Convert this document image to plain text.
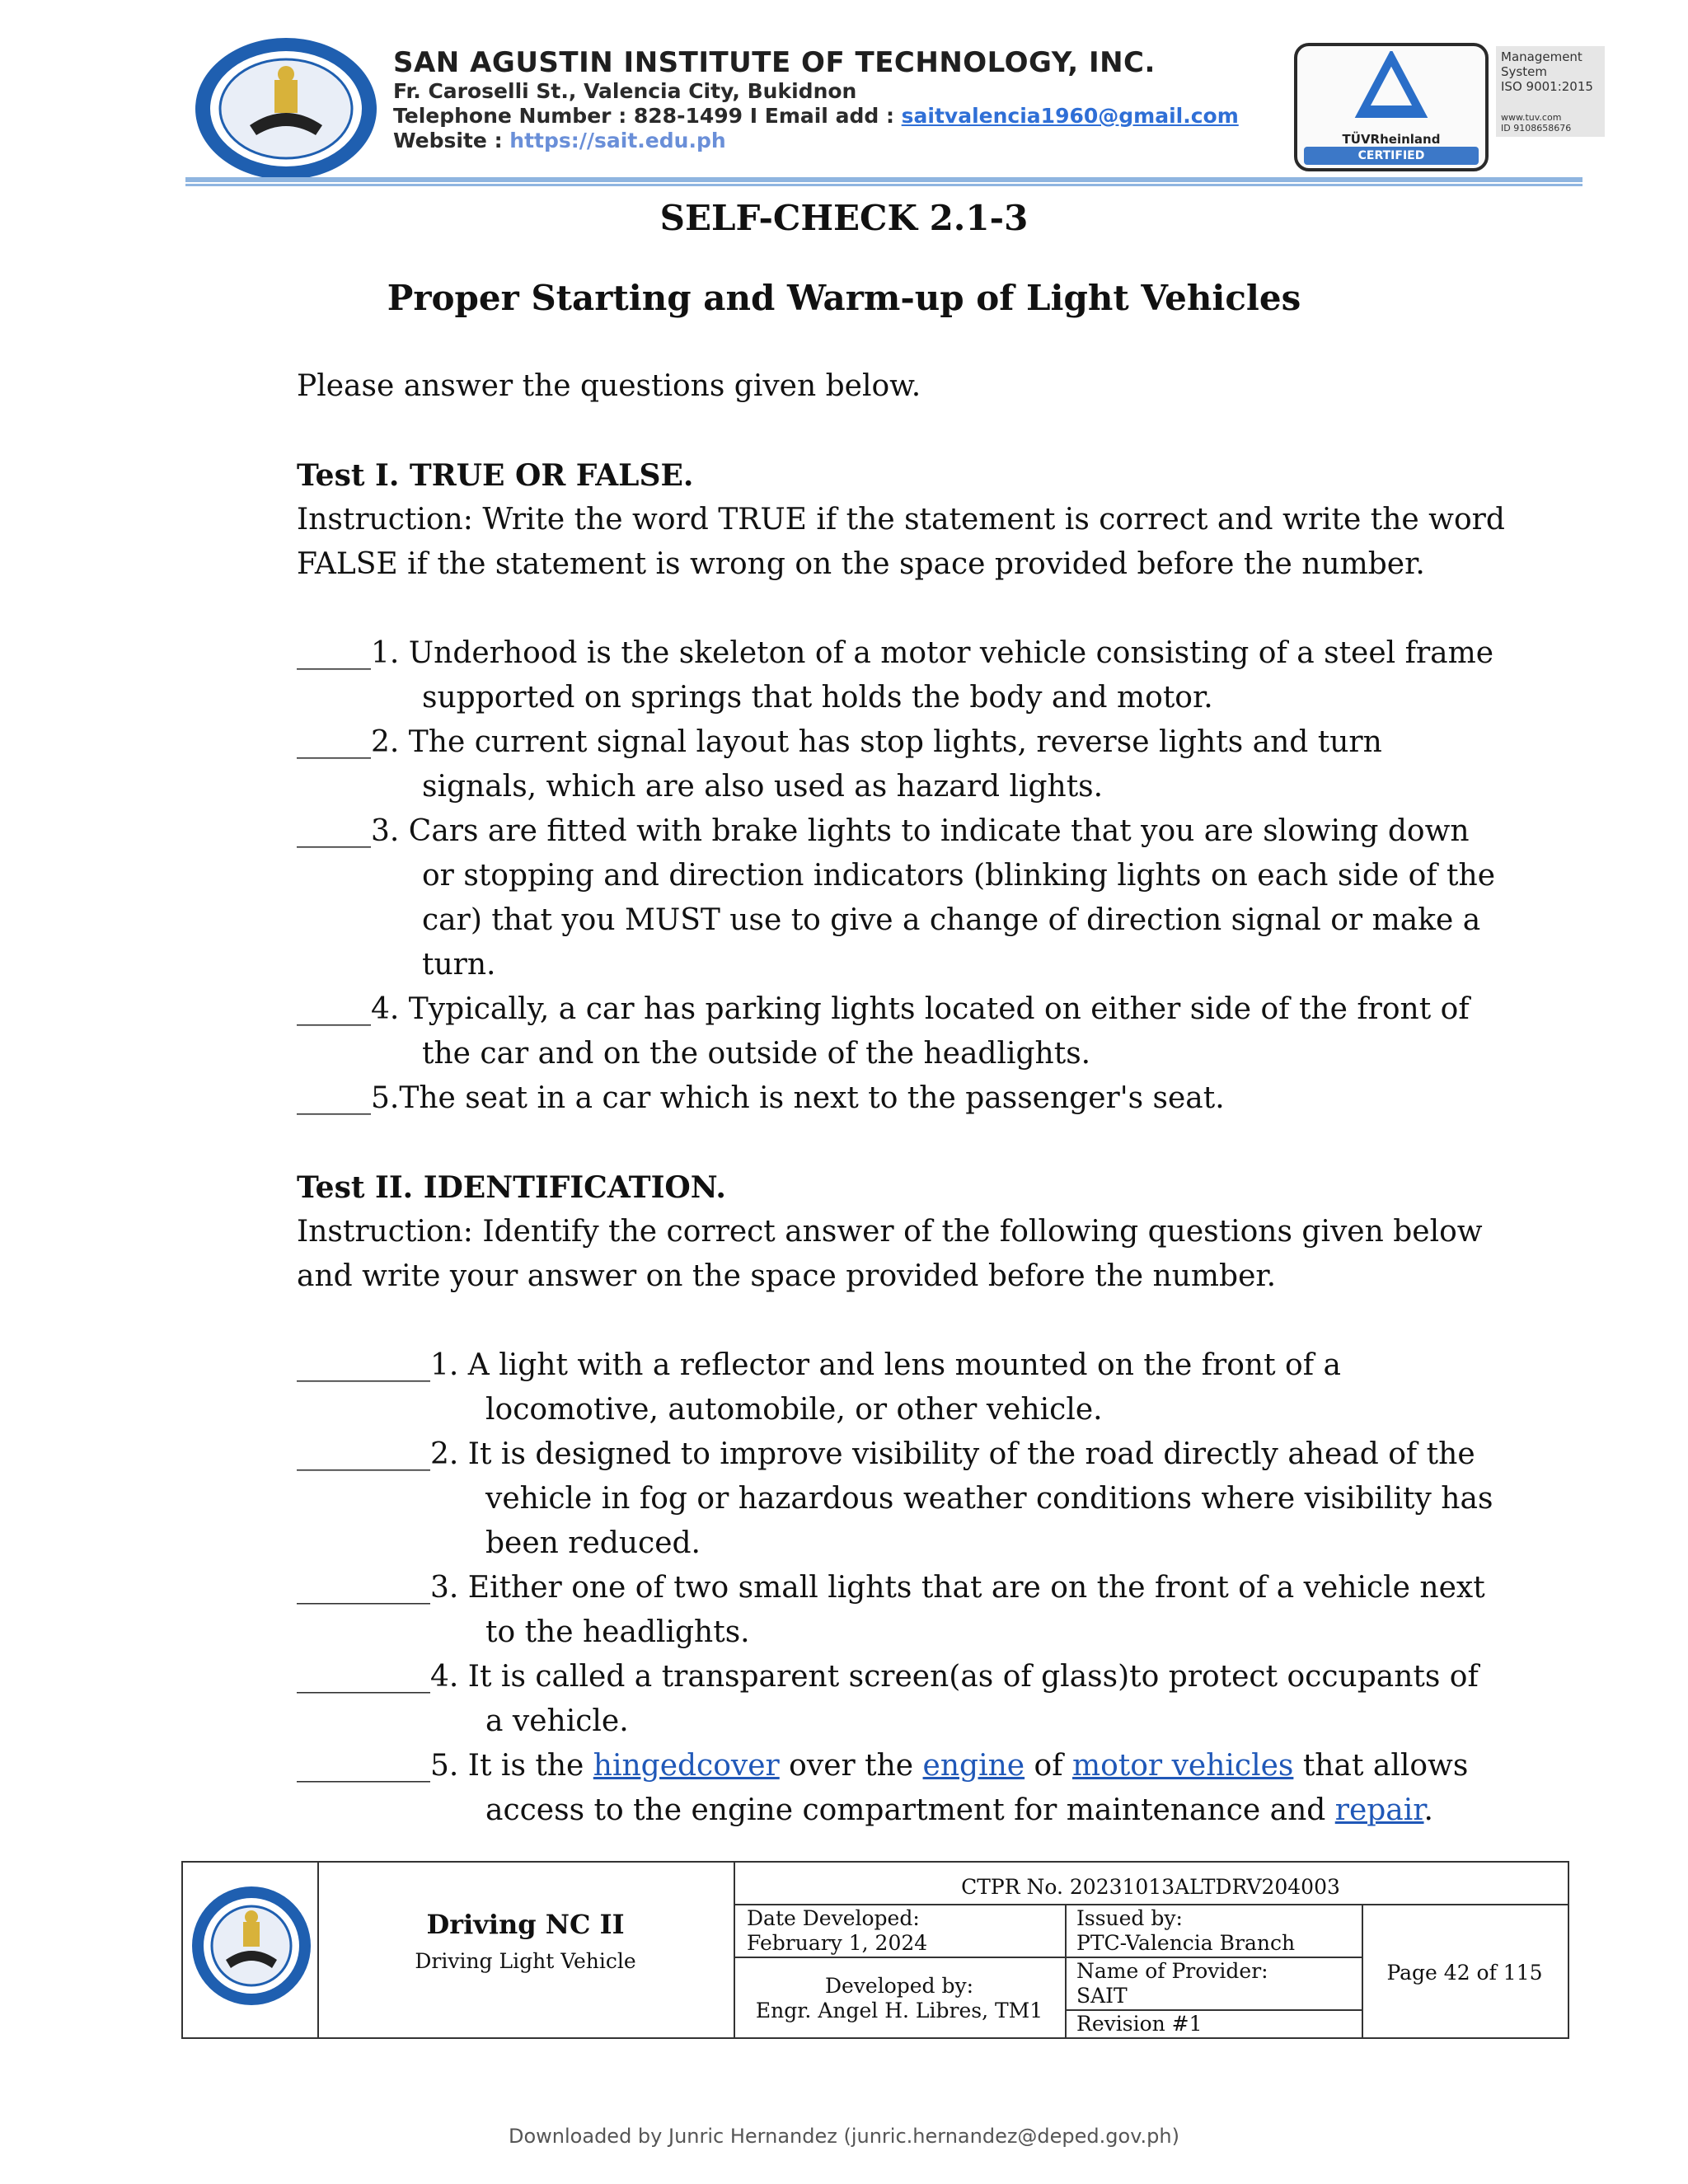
SAN AGUSTIN INSTITUTE OF TECHNOLOGY, INC.
Fr. Caroselli St., Valencia City, Bukidnon
Telephone Number : 828-1499 I Email add : saitvalencia1960@gmail.com
Website : https://sait.edu.ph	TÜVRheinland
CERTIFIED
Management
System
ISO 9001:2015
www.tuv.com
ID 9108658676
SELF-CHECK 2.1-3
Proper Starting and Warm-up of Light Vehicles
Please answer the questions given below.
Test I. TRUE OR FALSE.
Instruction: Write the word TRUE if the statement is correct and write the word
FALSE if the statement is wrong on the space provided before the number.
_____1. Underhood is the skeleton of a motor vehicle consisting of a steel frame
supported on springs that holds the body and motor.
_____2. The current signal layout has stop lights, reverse lights and turn
signals, which are also used as hazard lights.
_____3. Cars are fitted with brake lights to indicate that you are slowing down
or stopping and direction indicators (blinking lights on each side of the
car) that you MUST use to give a change of direction signal or make a
turn.
_____4. Typically, a car has parking lights located on either side of the front of
the car and on the outside of the headlights.
_____5.The seat in a car which is next to the passenger's seat.
Test II. IDENTIFICATION.
Instruction: Identify the correct answer of the following questions given below
and write your answer on the space provided before the number.
_________1. A light with a reflector and lens mounted on the front of a
locomotive, automobile, or other vehicle.
_________2. It is designed to improve visibility of the road directly ahead of the
vehicle in fog or hazardous weather conditions where visibility has
been reduced.
_________3. Either one of two small lights that are on the front of a vehicle next
to the headlights.
_________4. It is called a transparent screen(as of glass)to protect occupants of
a vehicle.
_________5. It is the hingedcover over the engine of motor vehicles that allows
access to the engine compartment for maintenance and repair.
Driving NC II
Driving Light Vehicle
CTPR No. 20231013ALTDRV204003
Date Developed:
February 1, 2024
Developed by:
Engr. Angel H. Libres, TM1
Issued by:
PTC-Valencia Branch
Name of Provider:
SAIT
Revision #1
Page 42 of 115
Downloaded by Junric Hernandez (junric.hernandez@deped.gov.ph)
